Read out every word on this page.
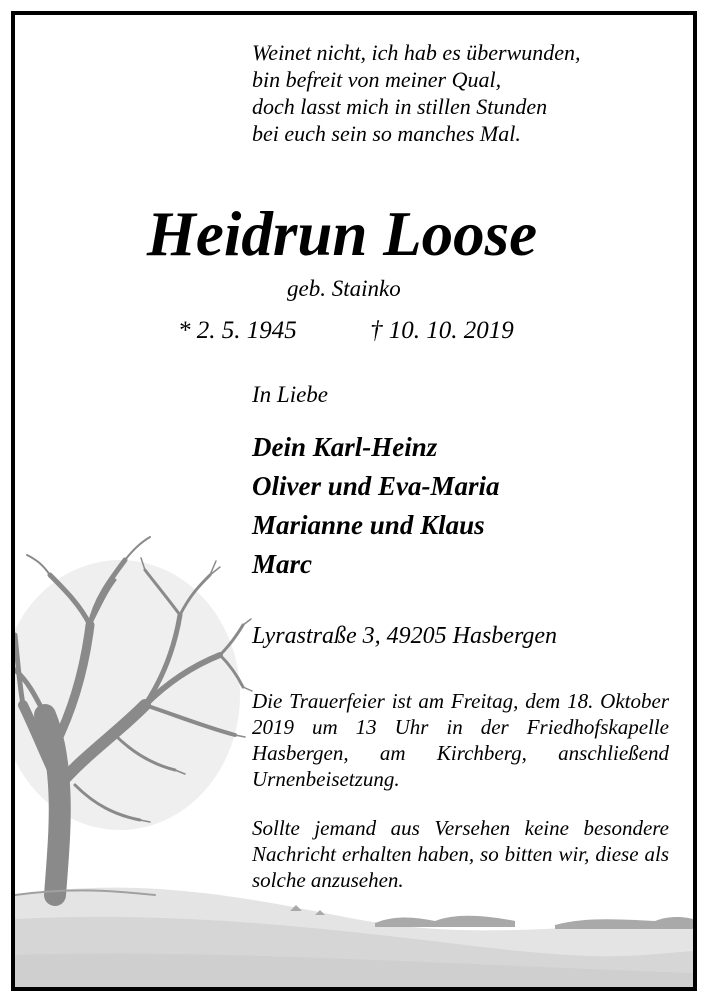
Weinet nicht, ich hab es überwunden,
bin befreit von meiner Qual,
doch lasst mich in stillen Stunden
bei euch sein so manches Mal.
Heidrun Loose
geb. Stainko
* 2. 5. 1945	† 10. 10. 2019
In Liebe
Dein Karl-Heinz
Oliver und Eva-Maria
Marianne und Klaus
Marc
Lyrastraße 3, 49205 Hasbergen
Die Trauerfeier ist am Freitag, dem 18. Oktober 2019 um 13 Uhr in der Friedhofskapelle Hasbergen, am Kirchberg, anschließend Urnenbeisetzung.
Sollte jemand aus Versehen keine besondere Nachricht erhalten haben, so bitten wir, diese als solche anzusehen.
